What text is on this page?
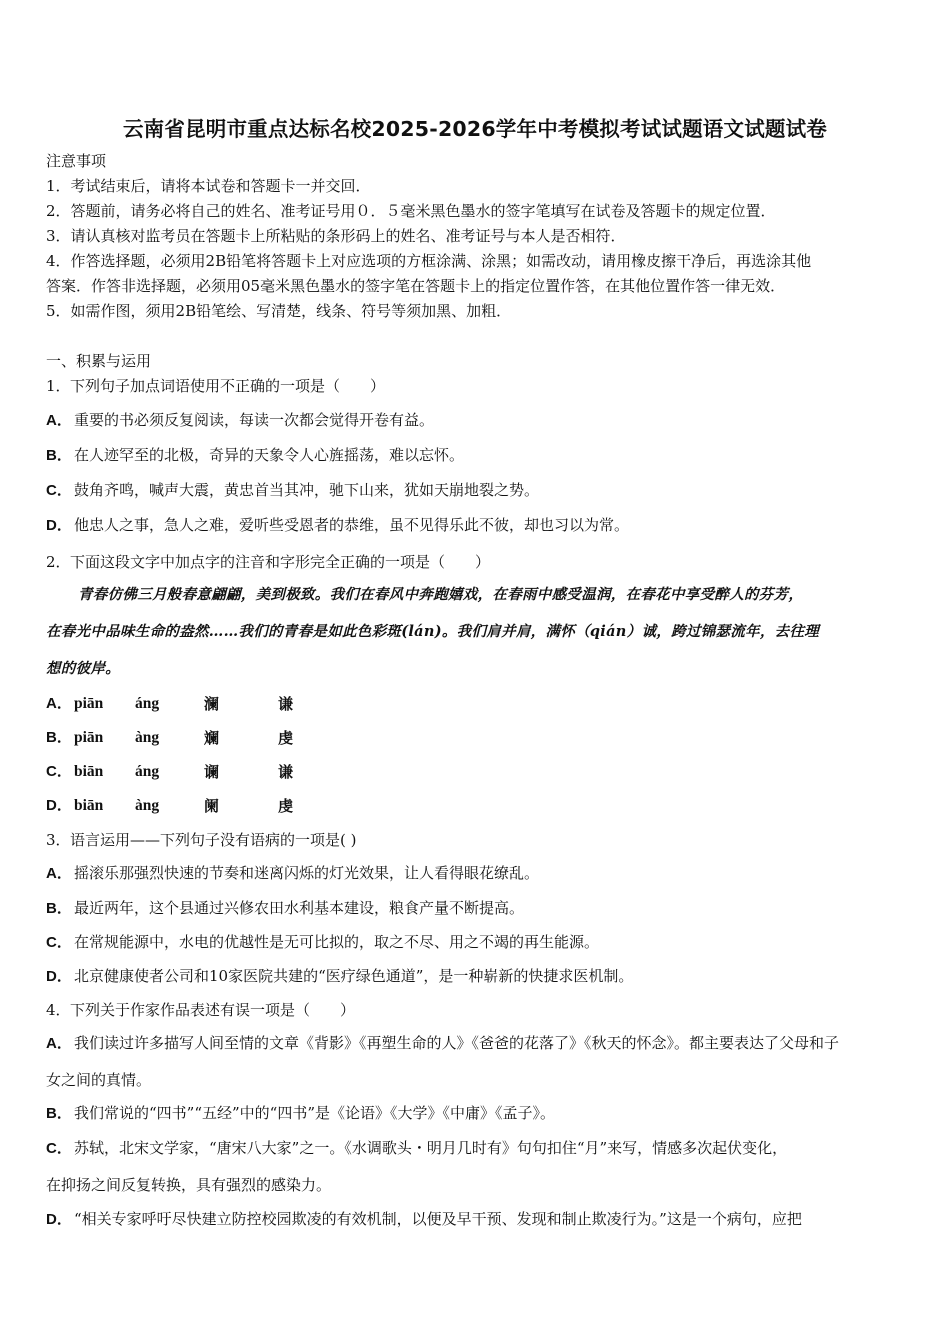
云南省昆明市重点达标名校2025-2026学年中考模拟考试试题语文试题试卷
注意事项
1．考试结束后，请将本试卷和答题卡一并交回．
2．答题前，请务必将自己的姓名、准考证号用０．５毫米黑色墨水的签字笔填写在试卷及答题卡的规定位置．
3．请认真核对监考员在答题卡上所粘贴的条形码上的姓名、准考证号与本人是否相符．
4．作答选择题，必须用2B铅笔将答题卡上对应选项的方框涂满、涂黑；如需改动，请用橡皮擦干净后，再选涂其他
答案．作答非选择题，必须用05毫米黑色墨水的签字笔在答题卡上的指定位置作答，在其他位置作答一律无效．
5．如需作图，须用2B铅笔绘、写清楚，线条、符号等须加黑、加粗．
一、积累与运用
1．下列句子加点词语使用不正确的一项是（　　）
A． 重要的书必须反复阅读，每读一次都会觉得开卷有益。
B． 在人迹罕至的北极，奇异的天象令人心旌摇荡，难以忘怀。
C． 鼓角齐鸣，喊声大震，黄忠首当其冲，驰下山来，犹如天崩地裂之势。
D． 他忠人之事，急人之难，爱听些受恩者的恭维，虽不见得乐此不彼，却也习以为常。
2．下面这段文字中加点字的注音和字形完全正确的一项是（　　）
青春仿佛三月般春意翩翩，美到极致。我们在春风中奔跑嬉戏，在春雨中感受温润，在春花中享受醉人的芬芳，
在春光中品味生命的盎然……我们的青春是如此色彩斑(lán)。我们肩并肩，满怀（qián）诚，跨过锦瑟流年，去往理
想的彼岸。
A． piān áng	澜	谦
B． piān àng	斓	虔
C． biān áng	谰	谦
D． biān àng	阑	虔
3．语言运用——下列句子没有语病的一项是( )
A． 摇滚乐那强烈快速的节奏和迷离闪烁的灯光效果，让人看得眼花缭乱。
B． 最近两年，这个县通过兴修农田水利基本建设，粮食产量不断提高。
C． 在常规能源中，水电的优越性是无可比拟的，取之不尽、用之不竭的再生能源。
D． 北京健康使者公司和10家医院共建的“医疗绿色通道”，是一种崭新的快捷求医机制。
4．下列关于作家作品表述有误一项是（　　）
A． 我们读过许多描写人间至情的文章《背影》《再塑生命的人》《爸爸的花落了》《秋天的怀念》。都主要表达了父母和子
女之间的真情。
B． 我们常说的“四书”“五经”中的“四书”是《论语》《大学》《中庸》《孟子》。
C． 苏轼，北宋文学家，“唐宋八大家”之一。《水调歌头・明月几时有》句句扣住“月”来写，情感多次起伏变化，
在抑扬之间反复转换，具有强烈的感染力。
D． “相关专家呼吁尽快建立防控校园欺凌的有效机制，以便及早干预、发现和制止欺凌行为。”这是一个病句，应把
